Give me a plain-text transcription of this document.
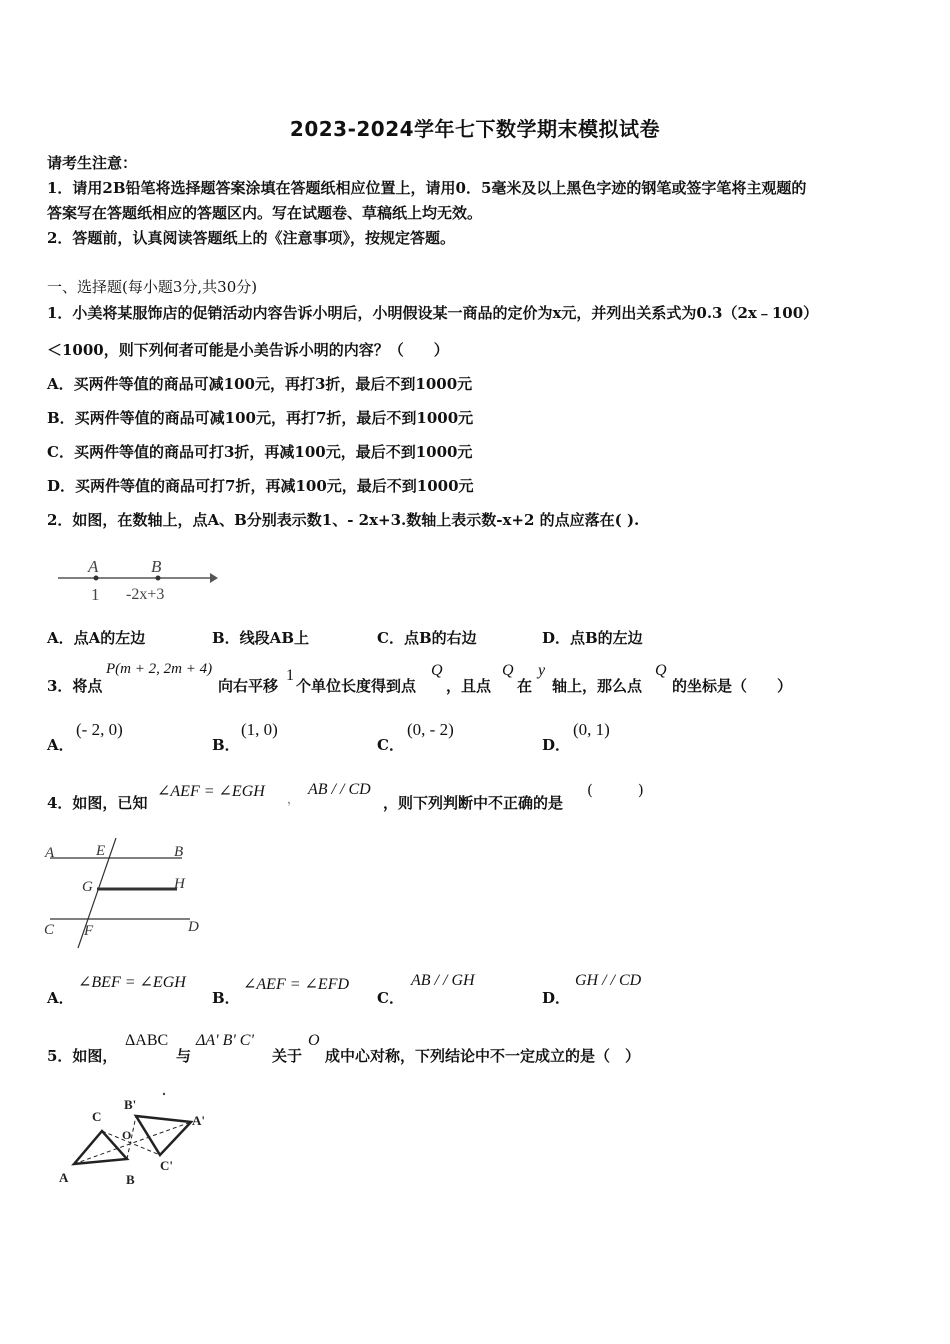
2023-2024学年七下数学期末模拟试卷
请考生注意：
1．请用2B铅笔将选择题答案涂填在答题纸相应位置上，请用0．5毫米及以上黑色字迹的钢笔或签字笔将主观题的
答案写在答题纸相应的答题区内。写在试题卷、草稿纸上均无效。
2．答题前，认真阅读答题纸上的《注意事项》，按规定答题。
一、选择题(每小题3分,共30分)
1．小美将某服饰店的促销活动内容告诉小明后，小明假设某一商品的定价为x元，并列出关系式为0.3（2x﹣100）
＜1000，则下列何者可能是小美告诉小明的内容？（　　）
A．买两件等值的商品可减100元，再打3折，最后不到1000元
B．买两件等值的商品可减100元，再打7折，最后不到1000元
C．买两件等值的商品可打3折，再减100元，最后不到1000元
D．买两件等值的商品可打7折，再减100元，最后不到1000元
2．如图，在数轴上，点A、B分别表示数1、- 2x+3.数轴上表示数-x+2 的点应落在( ).
A	B
1 -2x+3
A．点A的左边	B．线段AB上	C．点B的右边	D．点B的左边
3．将点
P(m + 2, 2m + 4)
向右平移
1
个单位长度得到点
Q
，且点
Q
在
y
轴上，那么点
Q
的坐标是（　　）
A．
(- 2, 0)
B．
(1, 0)
C．
(0, - 2)
D．
(0, 1)
4．如图，已知
∠AEF = ∠EGH ，
AB / / CD
，则下列判断中不正确的是
(　　　)
A	E	B
G	H
C F	D
A．
∠BEF = ∠EGH
B．
∠AEF = ∠EFD
C．
AB / / GH
D．
GH / / CD
5．如图，
ΔABC
与
ΔA' B' C'
关于
O
成中心对称，下列结论中不一定成立的是（　）
C
B'
A'
O
A	B
C'
